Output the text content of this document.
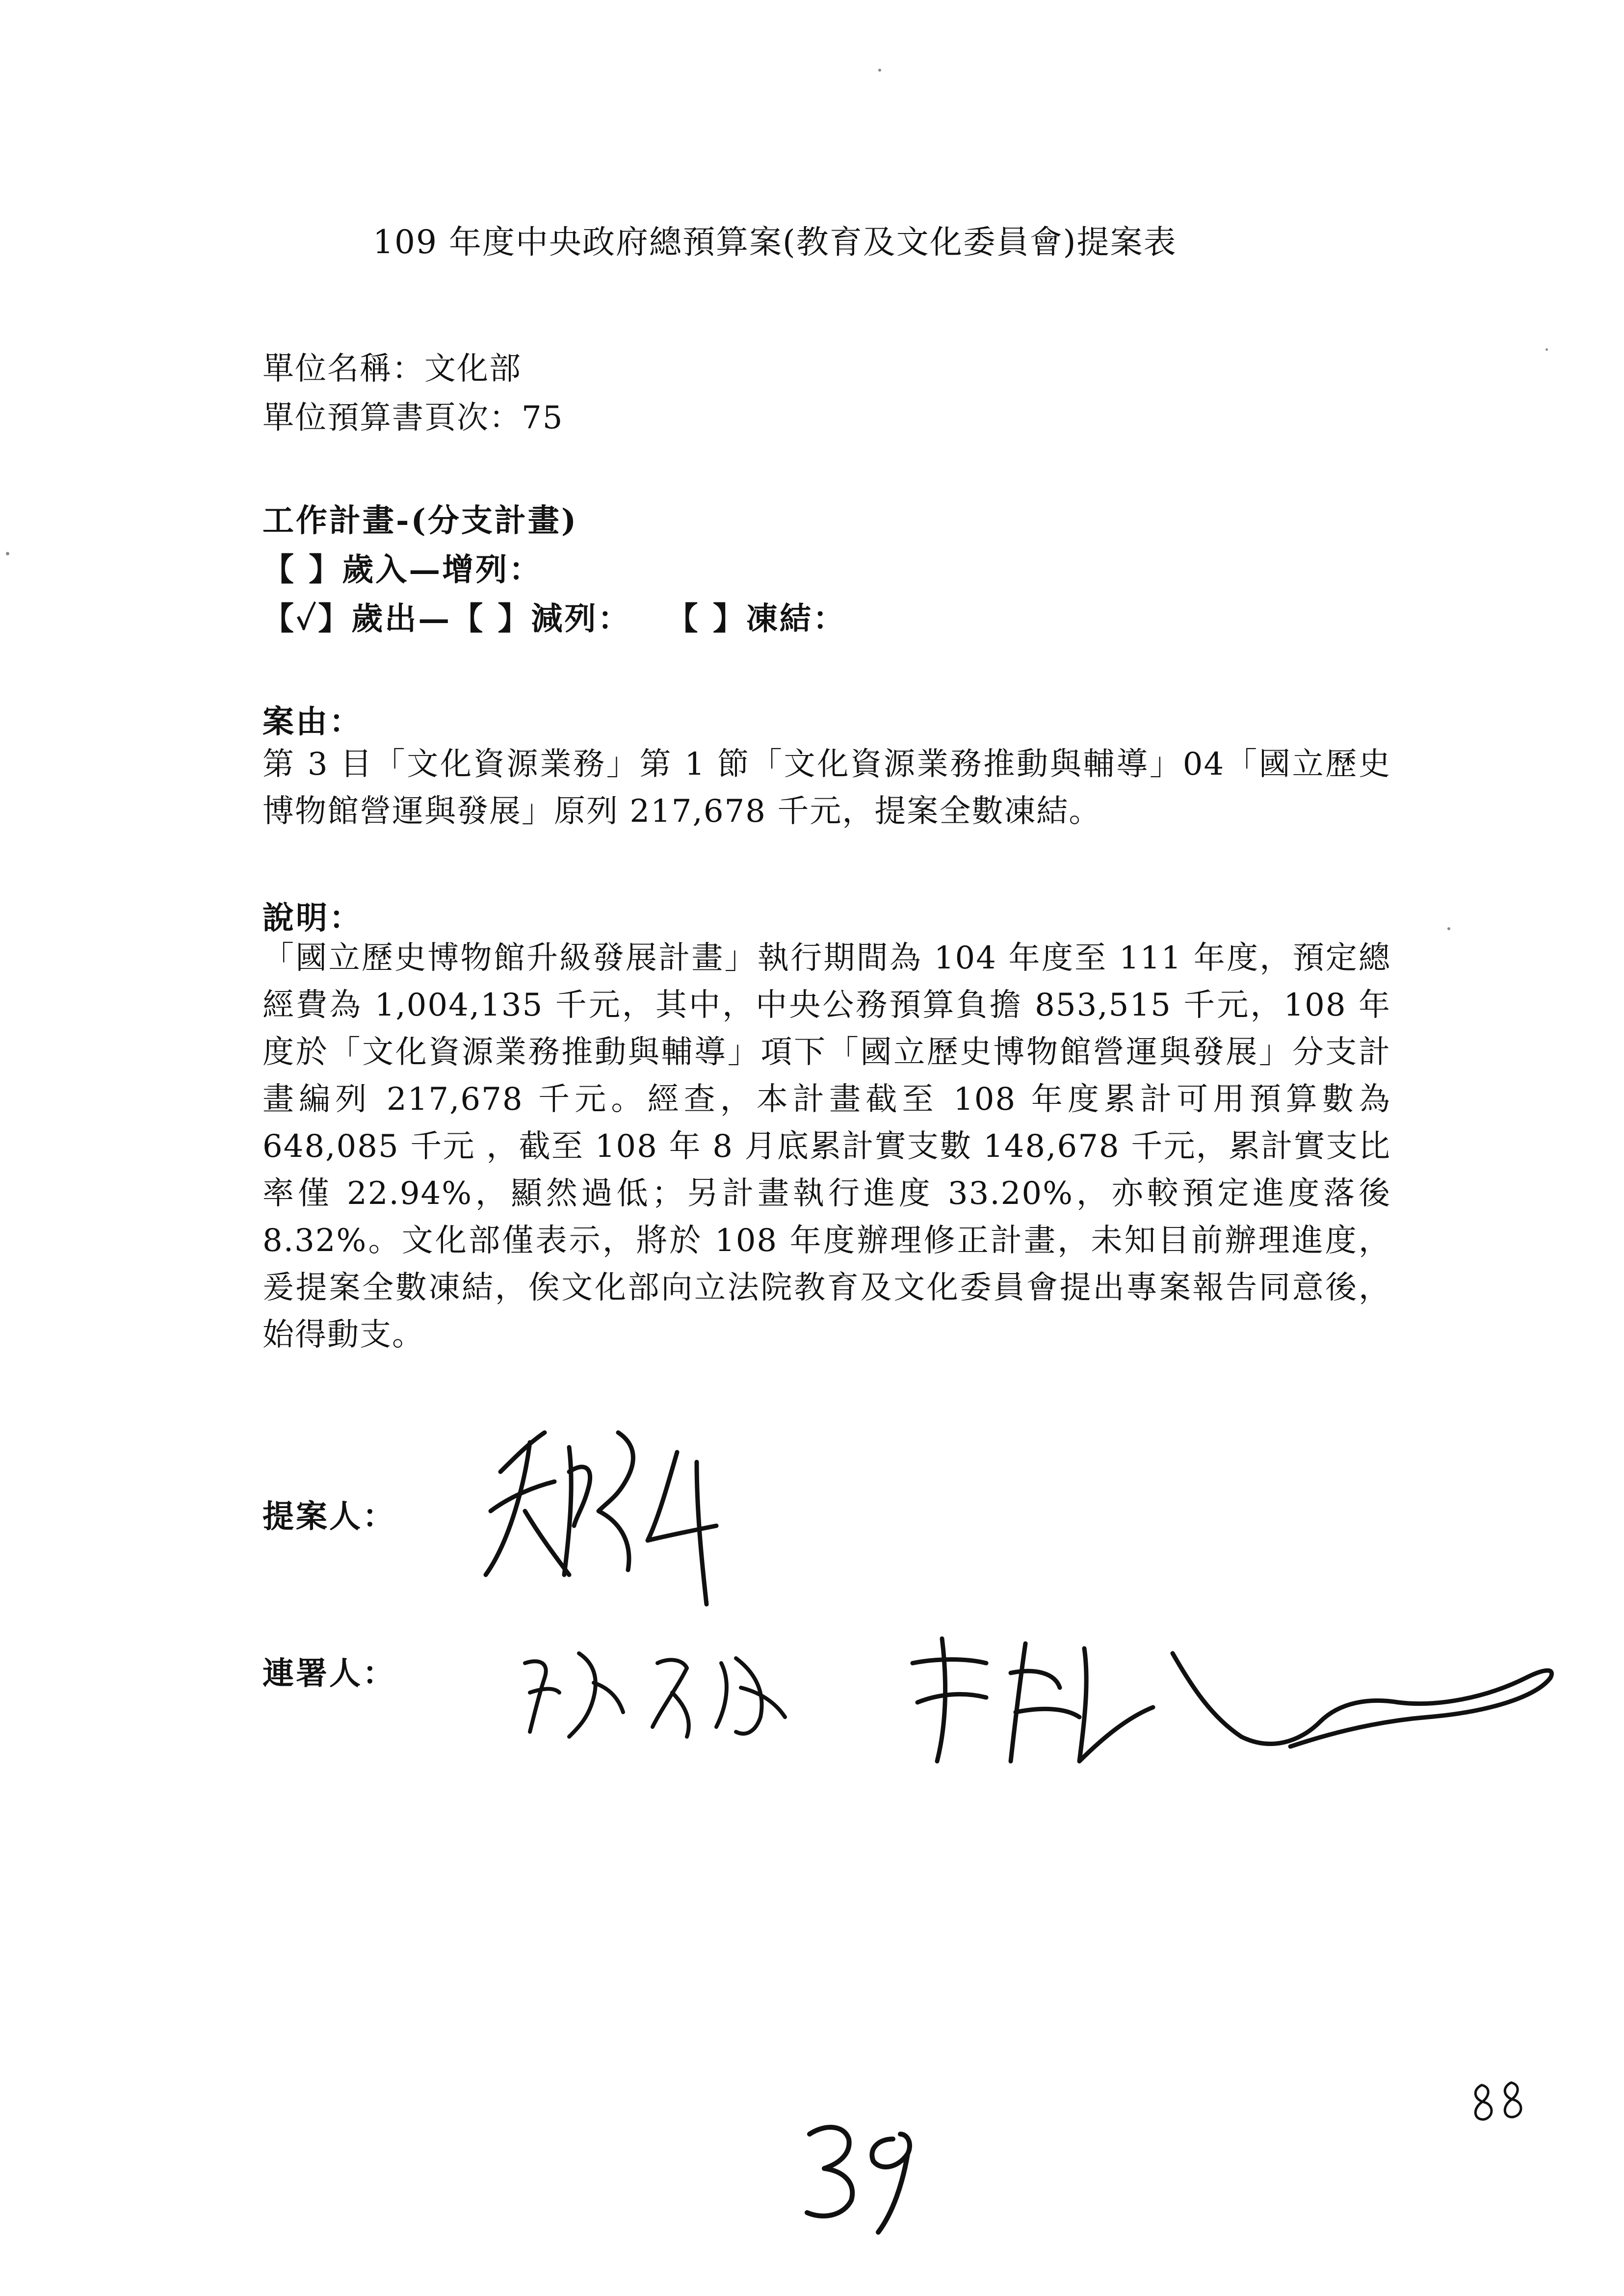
109 年度中央政府總預算案(教育及文化委員會)提案表
單位名稱：文化部
單位預算書頁次：75
工作計畫-(分支計畫)
【 】歲入—增列：
【✓】歲出—【 】減列：　　【 】凍結：
案由：
第 3 目「文化資源業務」第 1 節「文化資源業務推動與輔導」04「國立歷史博物館營運與發展」原列 217,678 千元，提案全數凍結。
說明：
「國立歷史博物館升級發展計畫」執行期間為 104 年度至 111 年度，預定總經費為 1,004,135 千元，其中，中央公務預算負擔 853,515 千元，108 年度於「文化資源業務推動與輔導」項下「國立歷史博物館營運與發展」分支計畫編列 217,678 千元。經查，本計畫截至 108 年度累計可用預算數為 648,085 千元 ，截至 108 年 8 月底累計實支數 148,678 千元，累計實支比率僅 22.94%，顯然過低；另計畫執行進度 33.20%，亦較預定進度落後 8.32%。文化部僅表示，將於 108 年度辦理修正計畫，未知目前辦理進度，爰提案全數凍結，俟文化部向立法院教育及文化委員會提出專案報告同意後，始得動支。
提案人：
連署人：
